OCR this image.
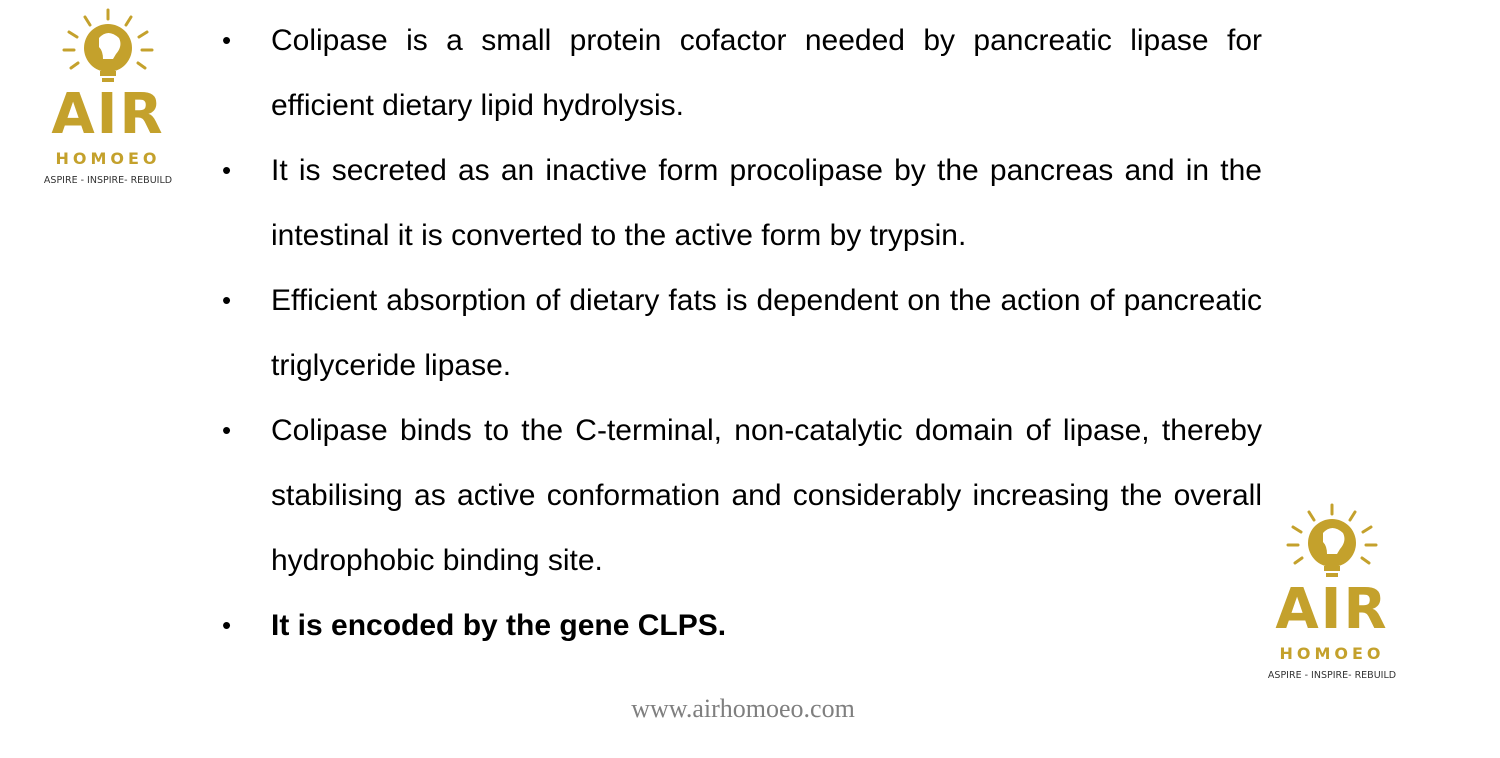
AIR
HOMOEO
ASPIRE - INSPIRE- REBUILD
•	Colipase is a small protein cofactor needed by pancreatic lipase for efficient dietary lipid hydrolysis.
•	It is secreted as an inactive form procolipase by the pancreas and in the intestinal it is converted to the active form by trypsin.
•	Efficient absorption of dietary fats is dependent on the action of pancreatic triglyceride lipase.
•	Colipase binds to the C-terminal, non-catalytic domain of lipase, thereby stabilising as active conformation and considerably increasing the overall hydrophobic binding site.
•	It is encoded by the gene CLPS.	AIR
HOMOEO
ASPIRE - INSPIRE- REBUILD
www.airhomoeo.com
